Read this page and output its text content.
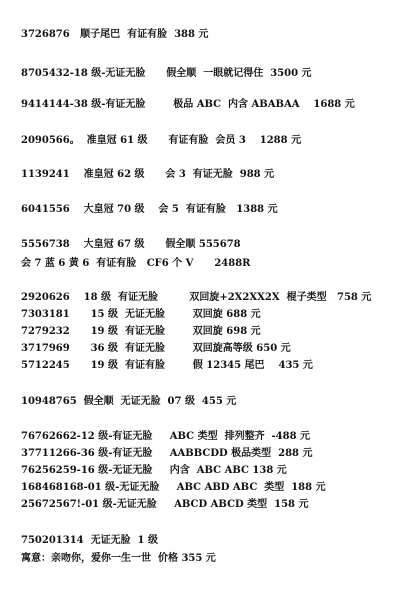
3726876   顺子尾巴  有证有脸  388 元
8705432-18 级-无证无脸      假全顺  一眼就记得住  3500 元
9414144-38 级-有证无脸        极品 ABC  内含 ABABAA    1688 元
2090566。  准皇冠 61 级      有证有脸  会员 3    1288 元
1139241    准皇冠 62 级      会 3  有证无脸  988 元
6041556    大皇冠 70 级    会 5  有证有脸   1388 元
5556738    大皇冠 67 级      假全顺 555678
会 7 蓝 6 黄 6  有证有脸   CF6 个 V      2488R
2920626    18 级  有证无脸         双回旋+2X2XX2X  棍子类型   758 元
7303181      15 级  无证无脸        双回旋 688 元
7279232      19 级  有证无脸        双回旋 698 元
3717969      36 级  有证无脸        双回旋高等级 650 元
5712245      19 级  有证有脸        假 12345 尾巴    435 元
10948765  假全顺  无证无脸  07 级  455 元
76762662-12 级-有证无脸     ABC 类型  排列整齐  -488 元
37711266-36 级-有证无脸     AABBCDD 极品类型  288 元
76256259-16 级-无证无脸     内含  ABC ABC 138 元
168468168-01 级-无证无脸     ABC ABD ABC  类型  188 元
25672567!-01 级-无证无脸     ABCD ABCD 类型  158 元
750201314  无证无脸  1 级
寓意：亲吻你，爱你一生一世  价格 355 元
